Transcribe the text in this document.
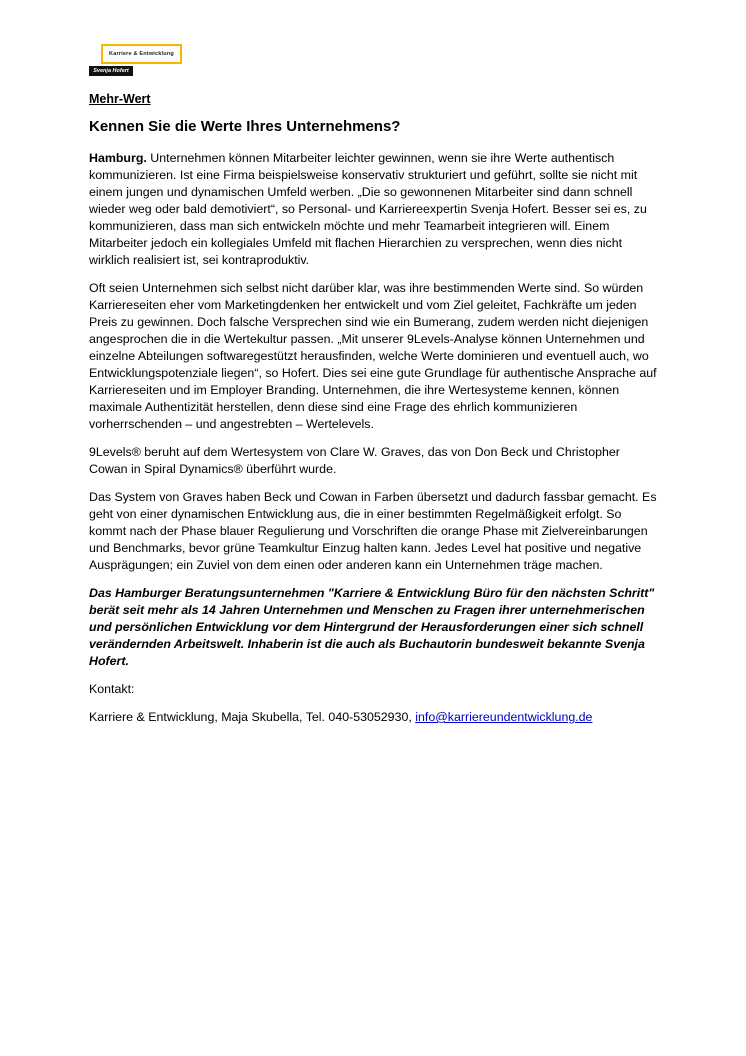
Karriere & Entwicklung
Svenja Hofert
Mehr-Wert
Kennen Sie die Werte Ihres Unternehmens?

Hamburg. Unternehmen können Mitarbeiter leichter gewinnen, wenn sie ihre Werte authentisch kommunizieren. Ist eine Firma beispielsweise konservativ strukturiert und geführt, sollte sie nicht mit einem jungen und dynamischen Umfeld werben. „Die so gewonnenen Mitarbeiter sind dann schnell wieder weg oder bald demotiviert“, so Personal- und Karriereexpertin Svenja Hofert. Besser sei es, zu kommunizieren, dass man sich entwickeln möchte und mehr Teamarbeit integrieren will. Einem Mitarbeiter jedoch ein kollegiales Umfeld mit flachen Hierarchien zu versprechen, wenn dies nicht wirklich realisiert ist, sei kontraproduktiv.

Oft seien Unternehmen sich selbst nicht darüber klar, was ihre bestimmenden Werte sind. So würden Karriereseiten eher vom Marketingdenken her entwickelt und vom Ziel geleitet, Fachkräfte um jeden Preis zu gewinnen. Doch falsche Versprechen sind wie ein Bumerang, zudem werden nicht diejenigen angesprochen die in die Wertekultur passen. „Mit unserer 9Levels-Analyse können Unternehmen und einzelne Abteilungen softwaregestützt herausfinden, welche Werte dominieren und eventuell auch, wo Entwicklungspotenziale liegen“, so Hofert. Dies sei eine gute Grundlage für authentische Ansprache auf Karriereseiten und im Employer Branding. Unternehmen, die ihre Wertesysteme kennen, können maximale Authentizität herstellen, denn diese sind eine Frage des ehrlich kommunizieren vorherrschenden – und angestrebten – Wertelevels.

9Levels® beruht auf dem Wertesystem von Clare W. Graves, das von Don Beck und Christopher Cowan in Spiral Dynamics® überführt wurde.

Das System von Graves haben Beck und Cowan in Farben übersetzt und dadurch fassbar gemacht. Es geht von einer dynamischen Entwicklung aus, die in einer bestimmten Regelmäßigkeit erfolgt. So kommt nach der Phase blauer Regulierung und Vorschriften die orange Phase mit Zielvereinbarungen und Benchmarks, bevor grüne Teamkultur Einzug halten kann. Jedes Level hat positive und negative Ausprägungen; ein Zuviel von dem einen oder anderen kann ein Unternehmen träge machen.

Das Hamburger Beratungsunternehmen "Karriere & Entwicklung Büro für den nächsten Schritt" berät seit mehr als 14 Jahren Unternehmen und Menschen zu Fragen ihrer unternehmerischen und persönlichen Entwicklung vor dem Hintergrund der Herausforderungen einer sich schnell verändernden Arbeitswelt. Inhaberin ist die auch als Buchautorin bundesweit bekannte Svenja Hofert.

Kontakt:

Karriere & Entwicklung, Maja Skubella, Tel. 040-53052930, info@karriereundentwicklung.de
